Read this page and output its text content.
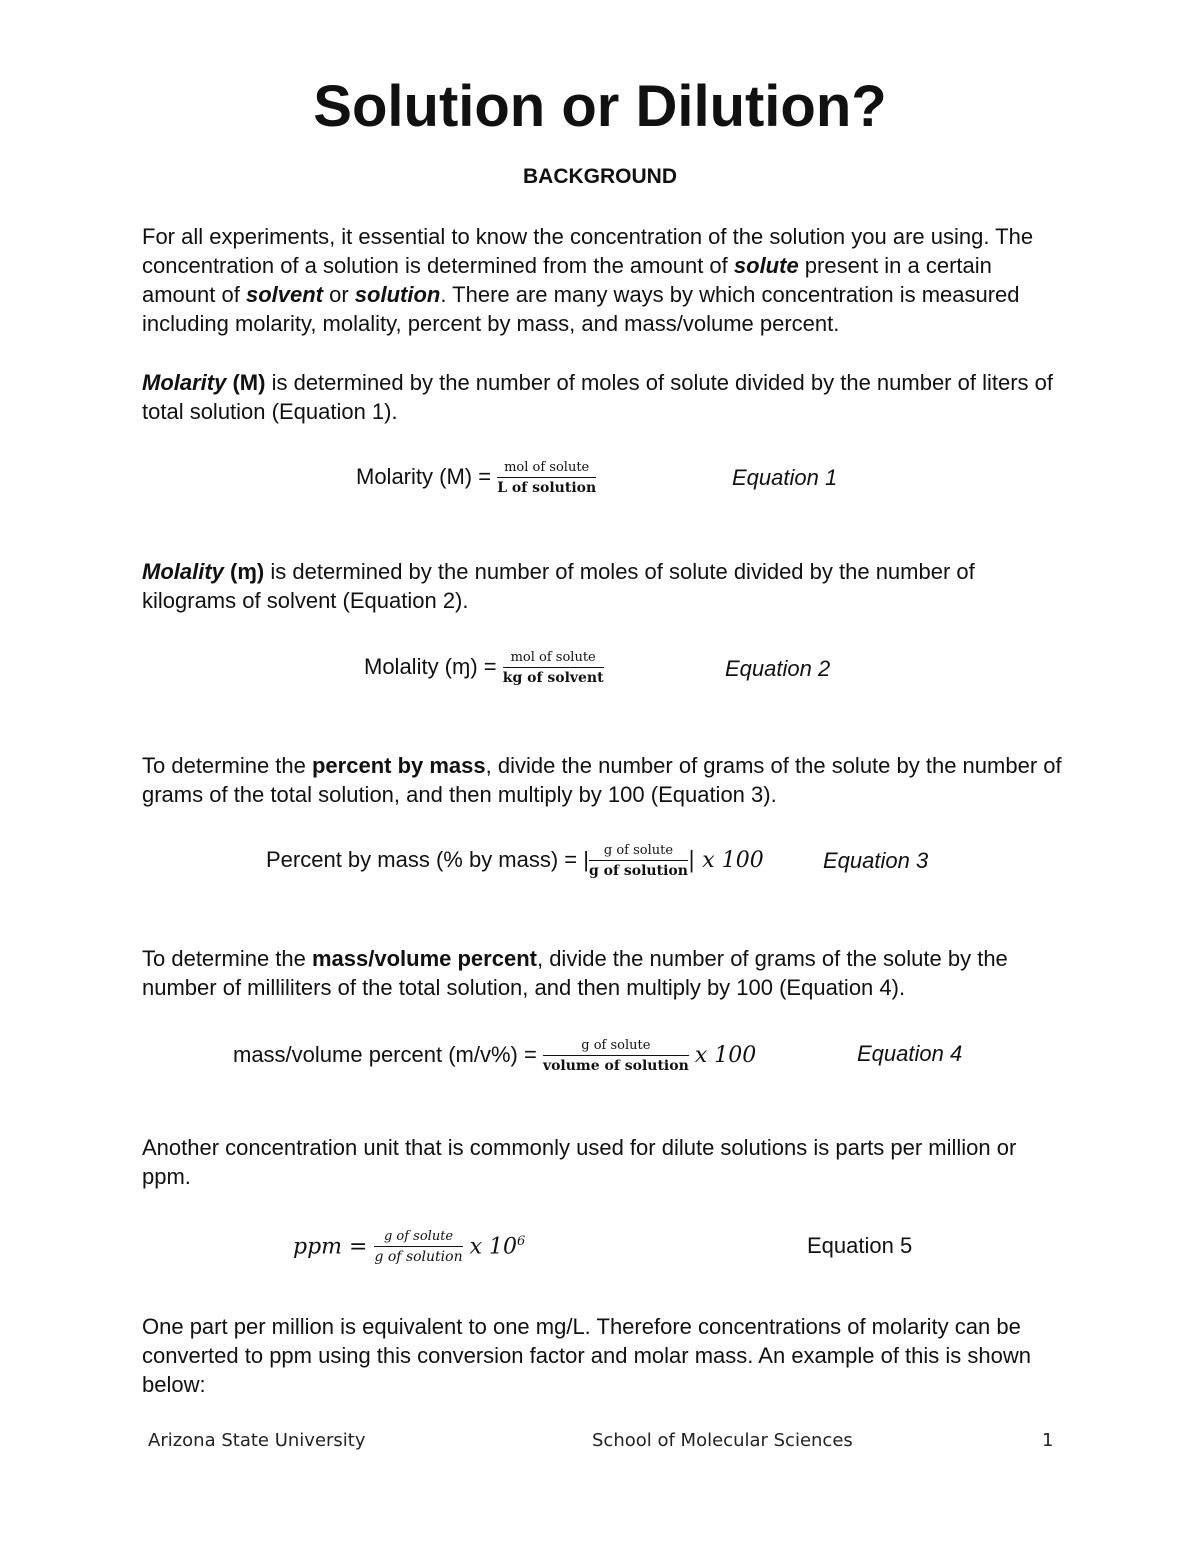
Solution or Dilution?
BACKGROUND

For all experiments, it essential to know the concentration of the solution you are using. The concentration of a solution is determined from the amount of solute present in a certain amount of solvent or solution. There are many ways by which concentration is measured including molarity, molality, percent by mass, and mass/volume percent.

Molarity (M) is determined by the number of moles of solute divided by the number of liters of total solution (Equation 1).

Molarity $(M) = \frac{\text{mol of solute}}{\text{L of solution}}$	Equation 1

Molality (ɱ) is determined by the number of moles of solute divided by the number of kilograms of solvent (Equation 2).

Molality (ɱ) = $\frac{\text{mol of solute}}{\text{kg of solvent}}$	Equation 2

To determine the percent by mass, divide the number of grams of the solute by the number of grams of the total solution, and then multiply by 100 (Equation 3).

Percent by mass (% by mass) = | $\frac{\text{g of solute}}{\text{g of solution}}$ | x 100	Equation 3

To determine the mass/volume percent, divide the number of grams of the solute by the number of milliliters of the total solution, and then multiply by 100 (Equation 4).

mass/volume percent $(m/v\%) = \frac{\text{g of solute}}{\text{volume of solution}}$ x 100	Equation 4

Another concentration unit that is commonly used for dilute solutions is parts per million or ppm.

ppm = $\frac{\text{g of solute}}{\text{g of solution}}$ x $10^6$	Equation 5

One part per million is equivalent to one mg/L. Therefore concentrations of molarity can be converted to ppm using this conversion factor and molar mass. An example of this is shown below:

Arizona State University	School of Molecular Sciences	1
